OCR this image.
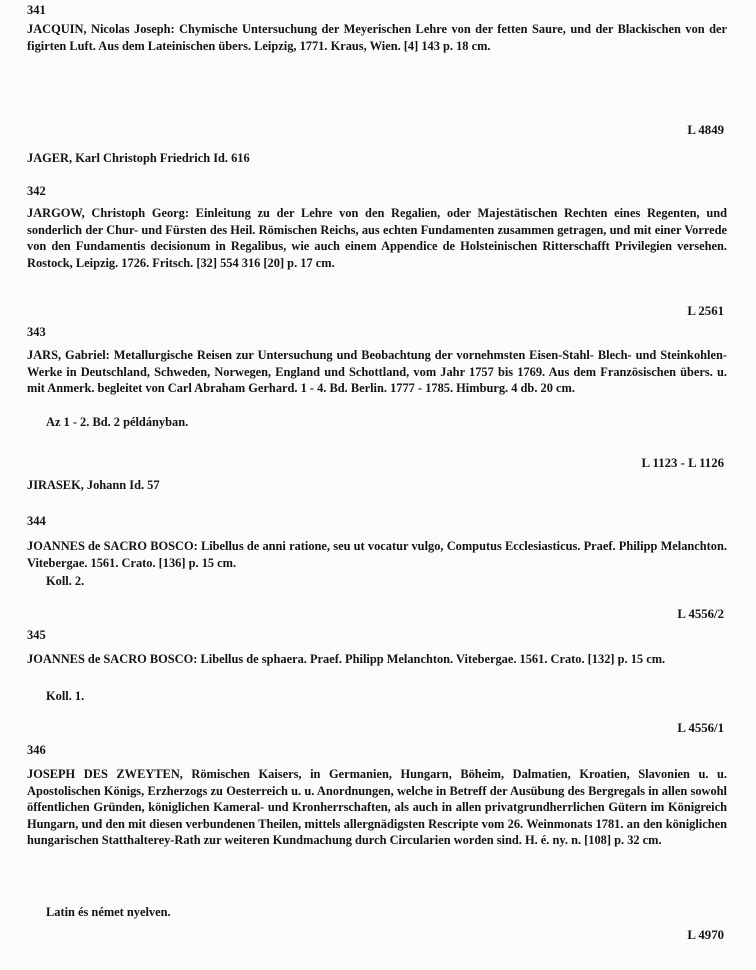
341
JACQUIN, Nicolas Joseph: Chymische Untersuchung der Meyerischen Lehre von der fetten Saure, und der Blackischen von der figirten Luft. Aus dem Lateinischen übers. Leipzig, 1771. Kraus, Wien. [4] 143 p. 18 cm.
L 4849
JAGER, Karl Christoph Friedrich Id. 616
342
JARGOW, Christoph Georg: Einleitung zu der Lehre von den Regalien, oder Majestätischen Rechten eines Regenten, und sonderlich der Chur- und Fürsten des Heil. Römischen Reichs, aus echten Fundamenten zusammen getragen, und mit einer Vorrede von den Fundamentis decisionum in Regalibus, wie auch einem Appendice de Holsteinischen Ritterschafft Privilegien versehen. Rostock, Leipzig. 1726. Fritsch. [32] 554 316 [20] p. 17 cm.
L 2561
343
JARS, Gabriel: Metallurgische Reisen zur Untersuchung und Beobachtung der vornehmsten Eisen-Stahl- Blech- und Steinkohlen-Werke in Deutschland, Schweden, Norwegen, England und Schottland, vom Jahr 1757 bis 1769. Aus dem Französischen übers. u. mit Anmerk. begleitet von Carl Abraham Gerhard. 1 - 4. Bd. Berlin. 1777 - 1785. Himburg. 4 db. 20 cm.
Az 1 - 2. Bd. 2 példányban.
L 1123 - L 1126
JIRASEK, Johann Id. 57
344
JOANNES de SACRO BOSCO: Libellus de anni ratione, seu ut vocatur vulgo, Computus Ecclesiasticus. Praef. Philipp Melanchton. Vitebergae. 1561. Crato. [136] p. 15 cm.
Koll. 2.
L 4556/2
345
JOANNES de SACRO BOSCO: Libellus de sphaera. Praef. Philipp Melanchton. Vitebergae. 1561. Crato. [132] p. 15 cm.
Koll. 1.
L 4556/1
346
JOSEPH DES ZWEYTEN, Römischen Kaisers, in Germanien, Hungarn, Böheim, Dalmatien, Kroatien, Slavonien u. u. Apostolischen Königs, Erzherzogs zu Oesterreich u. u. Anordnungen, welche in Betreff der Ausübung des Bergregals in allen sowohl öffentlichen Gründen, königlichen Kameral- und Kronherrschaften, als auch in allen privatgrundherrlichen Gütern im Königreich Hungarn, und den mit diesen verbundenen Theilen, mittels allergnädigsten Rescripte vom 26. Weinmonats 1781. an den königlichen hungarischen Statthalterey-Rath zur weiteren Kundmachung durch Circularien worden sind. H. é. ny. n. [108] p. 32 cm.
Latin és német nyelven.
L 4970
